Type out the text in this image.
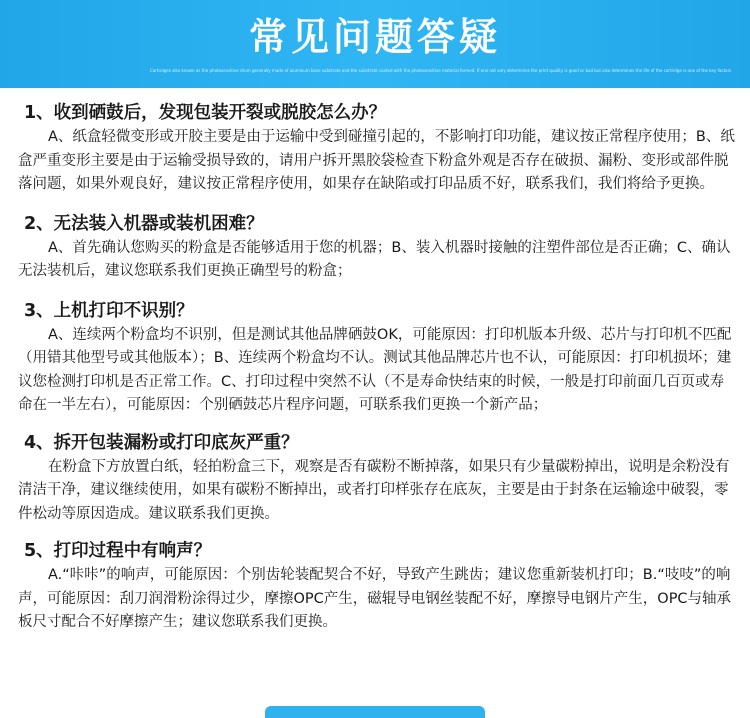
常见问题答疑
Cartridges also known as the photosensitive drum generally made of aluminum base substrate and the substrate coated with the photosensitive material formed. If one not only determines the print quality is good or bad but also determines the life of the cartridge is one of the key factors
1、收到硒鼓后，发现包装开裂或脱胶怎么办？
A、纸盒轻微变形或开胶主要是由于运输中受到碰撞引起的，不影响打印功能，建议按正常程序使用；B、纸盒严重变形主要是由于运输受损导致的，请用户拆开黑胶袋检查下粉盒外观是否存在破损、漏粉、变形或部件脱落问题，如果外观良好，建议按正常程序使用，如果存在缺陷或打印品质不好，联系我们，我们将给予更换。
2、无法装入机器或装机困难？
A、首先确认您购买的粉盒是否能够适用于您的机器；B、装入机器时接触的注塑件部位是否正确；C、确认无法装机后，建议您联系我们更换正确型号的粉盒；
3、上机打印不识别？
A、连续两个粉盒均不识别，但是测试其他品牌硒鼓OK，可能原因：打印机版本升级、芯片与打印机不匹配（用错其他型号或其他版本）；B、连续两个粉盒均不认。测试其他品牌芯片也不认，可能原因：打印机损坏；建议您检测打印机是否正常工作。C、打印过程中突然不认（不是寿命快结束的时候，一般是打印前面几百页或寿命在一半左右），可能原因：个别硒鼓芯片程序问题，可联系我们更换一个新产品；
4、拆开包装漏粉或打印底灰严重？
在粉盒下方放置白纸，轻拍粉盒三下，观察是否有碳粉不断掉落，如果只有少量碳粉掉出，说明是余粉没有清洁干净，建议继续使用，如果有碳粉不断掉出，或者打印样张存在底灰，主要是由于封条在运输途中破裂，零件松动等原因造成。建议联系我们更换。
5、打印过程中有响声？
A.“咔咔”的响声，可能原因：个别齿轮装配契合不好，导致产生跳齿；建议您重新装机打印；B.“吱吱”的响声，可能原因：刮刀润滑粉涂得过少，摩擦OPC产生，磁辊导电钢丝装配不好，摩擦导电钢片产生，OPC与轴承板尺寸配合不好摩擦产生；建议您联系我们更换。
